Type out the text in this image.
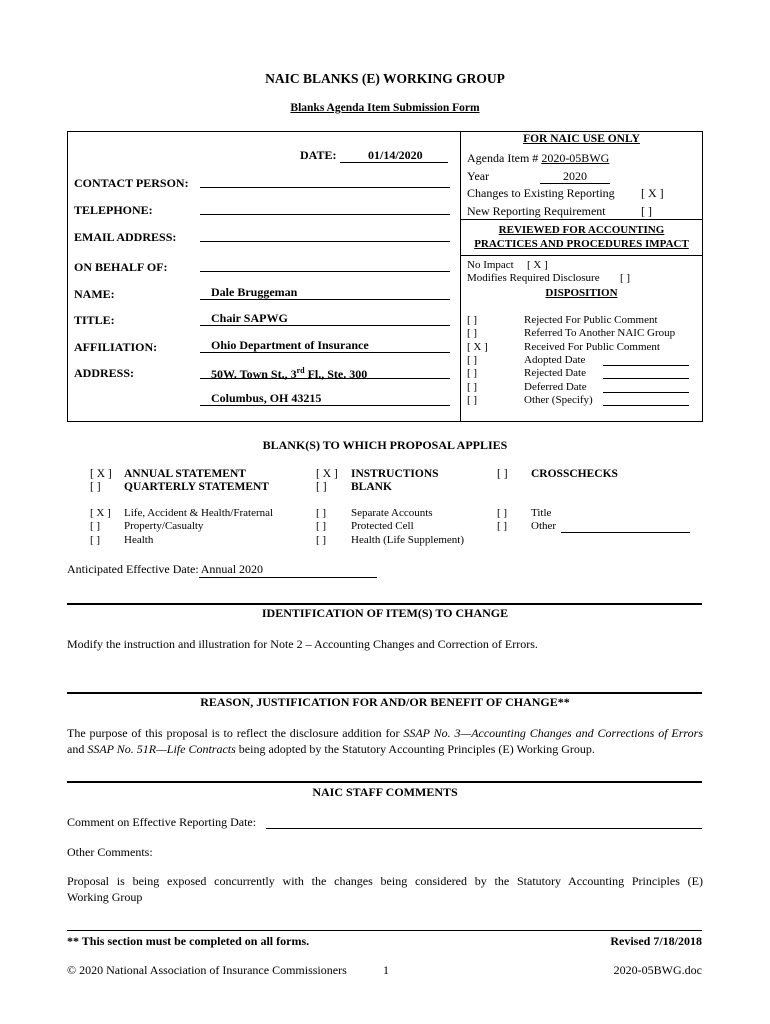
NAIC BLANKS (E) WORKING GROUP
Blanks Agenda Item Submission Form
DATE:	01/14/2020
CONTACT PERSON:
TELEPHONE:
EMAIL ADDRESS:
ON BEHALF OF:
NAME:	Dale Bruggeman
TITLE:	Chair SAPWG
AFFILIATION:	Ohio Department of Insurance
ADDRESS:	50W. Town St., 3rd Fl., Ste. 300
Columbus, OH 43215
FOR NAIC USE ONLY
Agenda Item # 2020-05BWG
Year	2020
Changes to Existing Reporting [ X ]
New Reporting Requirement	[ ]
REVIEWED FOR ACCOUNTING
PRACTICES AND PROCEDURES IMPACT
No Impact [ X ]
Modifies Required Disclosure [ ]
DISPOSITION
[ ]	Rejected For Public Comment
[ ]	Referred To Another NAIC Group
[ X ]	Received For Public Comment
[ ]	Adopted Date
[ ]	Rejected Date
[ ]	Deferred Date
[ ]	Other (Specify)
BLANK(S) TO WHICH PROPOSAL APPLIES
[ X ] ANNUAL STATEMENT
[ ] QUARTERLY STATEMENT
[ X ] Life, Accident & Health/Fraternal
[ ] Property/Casualty
[ ] Health
[ X ] INSTRUCTIONS
[ ] BLANK
[ ] Separate Accounts
[ ] Protected Cell
[ ] Health (Life Supplement)
[ ] CROSSCHECKS
[ ] Title
[ ] Other
Anticipated Effective Date: Annual 2020
IDENTIFICATION OF ITEM(S) TO CHANGE
Modify the instruction and illustration for Note 2 – Accounting Changes and Correction of Errors.
REASON, JUSTIFICATION FOR AND/OR BENEFIT OF CHANGE**
The purpose of this proposal is to reflect the disclosure addition for SSAP No. 3—Accounting Changes and Corrections of Errors and SSAP No. 51R—Life Contracts being adopted by the Statutory Accounting Principles (E) Working Group.
NAIC STAFF COMMENTS
Comment on Effective Reporting Date:
Other Comments:
Proposal is being exposed concurrently with the changes being considered by the Statutory Accounting Principles (E)
Working Group
** This section must be completed on all forms.	Revised 7/18/2018
© 2020 National Association of Insurance Commissioners	1	2020-05BWG.doc
